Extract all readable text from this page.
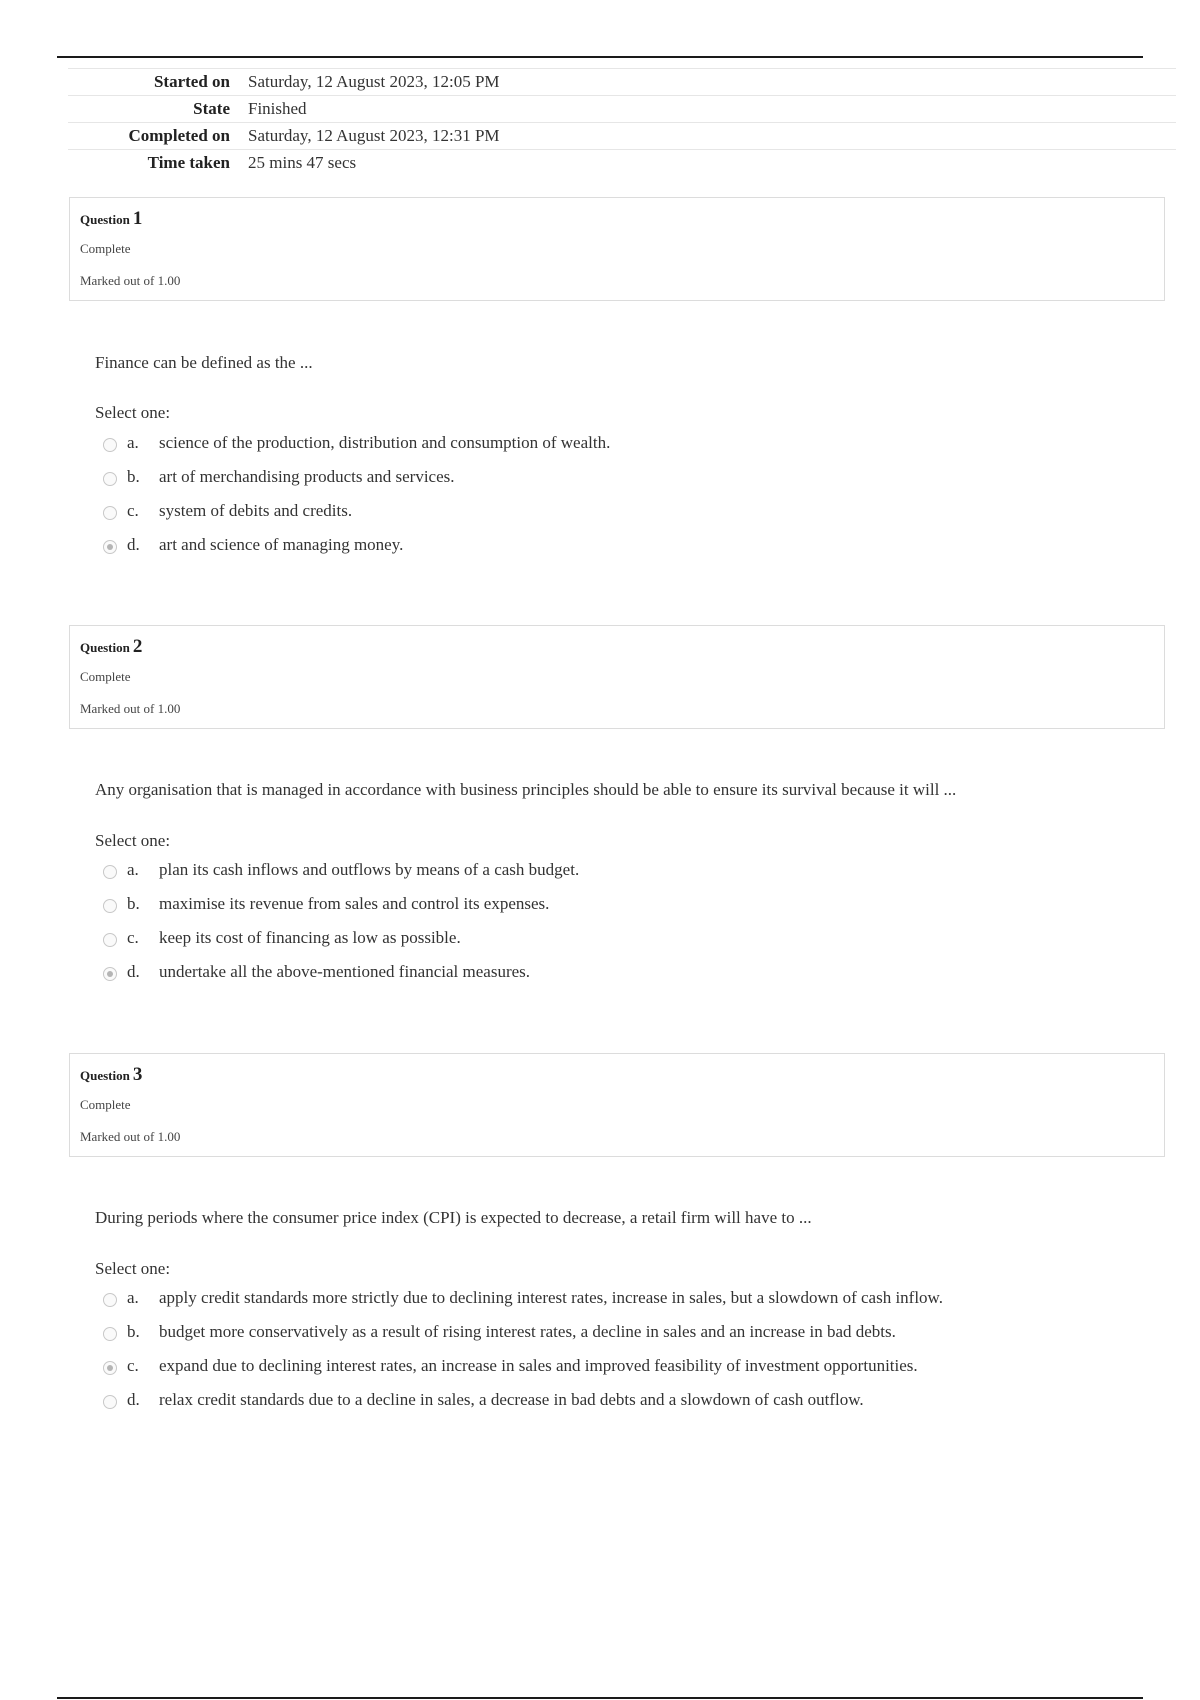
Started on	Saturday, 12 August 2023, 12:05 PM
State	Finished
Completed on	Saturday, 12 August 2023, 12:31 PM
Time taken	25 mins 47 secs
Question 1
Complete
Marked out of 1.00
Finance can be defined as the ...
Select one:
a.	science of the production, distribution and consumption of wealth.
b.	art of merchandising products and services.
c.	system of debits and credits.
d.	art and science of managing money.
Question 2
Complete
Marked out of 1.00
Any organisation that is managed in accordance with business principles should be able to ensure its survival because it will ...
Select one:
a.	plan its cash inflows and outflows by means of a cash budget.
b.	maximise its revenue from sales and control its expenses.
c.	keep its cost of financing as low as possible.
d.	undertake all the above-mentioned financial measures.
Question 3
Complete
Marked out of 1.00
During periods where the consumer price index (CPI) is expected to decrease, a retail firm will have to ...
Select one:
a.	apply credit standards more strictly due to declining interest rates, increase in sales, but a slowdown of cash inflow.
b.	budget more conservatively as a result of rising interest rates, a decline in sales and an increase in bad debts.
c.	expand due to declining interest rates, an increase in sales and improved feasibility of investment opportunities.
d.	relax credit standards due to a decline in sales, a decrease in bad debts and a slowdown of cash outflow.
